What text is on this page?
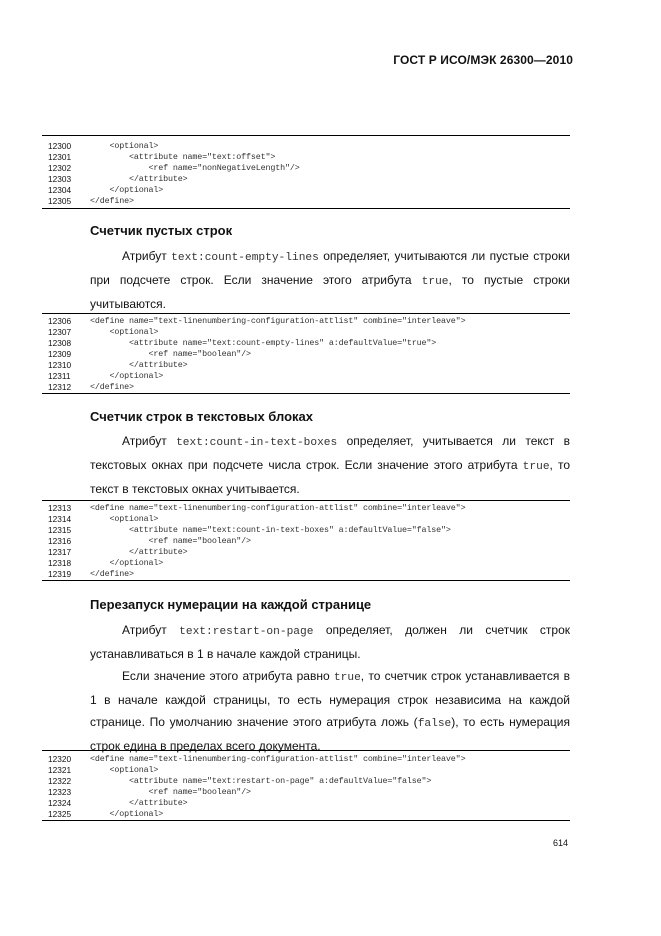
ГОСТ Р ИСО/МЭК 26300—2010
12300	<optional>
12301	<attribute name="text:offset">
12302	<ref name="nonNegativeLength"/>
12303	</attribute>
12304	</optional>
12305	</define>
Счетчик пустых строк

Атрибут text:count-empty-lines определяет, учитываются ли пустые строки при подсчете строк. Если значение этого атрибута true, то пустые строки учитываются.

12306	<define name="text-linenumbering-configuration-attlist" combine="interleave">
12307	<optional>
12308	<attribute name="text:count-empty-lines" a:defaultValue="true">
12309	<ref name="boolean"/>
12310	</attribute>
12311	</optional>
12312	</define>
Счетчик строк в текстовых блоках

Атрибут text:count-in-text-boxes определяет, учитывается ли текст в текстовых окнах при подсчете числа строк. Если значение этого атрибута true, то текст в текстовых окнах учитывается.

12313	<define name="text-linenumbering-configuration-attlist" combine="interleave">
12314	<optional>
12315	<attribute name="text:count-in-text-boxes" a:defaultValue="false">
12316	<ref name="boolean"/>
12317	</attribute>
12318	</optional>
12319	</define>
Перезапуск нумерации на каждой странице

Атрибут text:restart-on-page определяет, должен ли счетчик строк устанавливаться в 1 в начале каждой страницы.

Если значение этого атрибута равно true, то счетчик строк устанавливается в 1 в начале каждой страницы, то есть нумерация строк независима на каждой странице. По умолчанию значение этого атрибута ложь (false), то есть нумерация строк едина в пределах всего документа.

12320	<define name="text-linenumbering-configuration-attlist" combine="interleave">
12321	<optional>
12322	<attribute name="text:restart-on-page" a:defaultValue="false">
12323	<ref name="boolean"/>
12324	</attribute>
12325	</optional>
614
